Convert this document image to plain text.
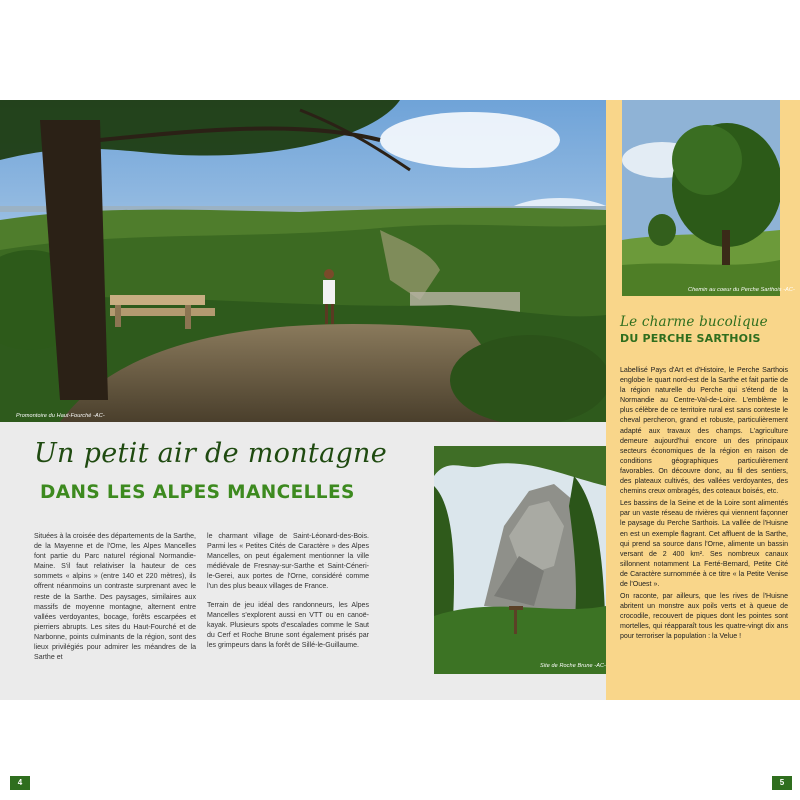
Promontoire du Haut-Fourché -AC-
Un petit air de montagne
DANS LES ALPES MANCELLES

Situées à la croisée des départements de la Sarthe, de la Mayenne et de l'Orne, les Alpes Mancelles font partie du Parc naturel régional Normandie-Maine. S'il faut relativiser la hauteur de ces sommets « alpins » (entre 140 et 220 mètres), ils offrent néanmoins un contraste surprenant avec le reste de la Sarthe. Des paysages, similaires aux massifs de moyenne montagne, alternent entre vallées verdoyantes, bocage, forêts escarpées et pierriers abrupts. Les sites du Haut-Fourché et de Narbonne, points culminants de la région, sont des lieux privilégiés pour admirer les méandres de la Sarthe et

le charmant village de Saint-Léonard-des-Bois. Parmi les « Petites Cités de Caractère » des Alpes Mancelles, on peut également mentionner la ville médiévale de Fresnay-sur-Sarthe et Saint-Céneri-le-Gerei, aux portes de l'Orne, considéré comme l'un des plus beaux villages de France.

Terrain de jeu idéal des randonneurs, les Alpes Mancelles s'explorent aussi en VTT ou en canoë-kayak. Plusieurs spots d'escalades comme le Saut du Cerf et Roche Brune sont également prisés par les grimpeurs dans la forêt de Sillé-le-Guillaume.

Site de Roche Brune -AC-
Chemin au coeur du Perche Sarthois -AC-
Le charme bucolique
DU PERCHE SARTHOIS

Labellisé Pays d'Art et d'Histoire, le Perche Sarthois englobe le quart nord-est de la Sarthe et fait partie de la région naturelle du Perche qui s'étend de la Normandie au Centre-Val-de-Loire. L'emblème le plus célèbre de ce territoire rural est sans conteste le cheval percheron, grand et robuste, particulièrement adapté aux travaux des champs. L'agriculture demeure aujourd'hui encore un des principaux secteurs économiques de la région en raison de conditions géographiques particulièrement favorables. On découvre donc, au fil des sentiers, des plateaux cultivés, des vallées verdoyantes, des chemins creux ombragés, des coteaux boisés, etc.

Les bassins de la Seine et de la Loire sont alimentés par un vaste réseau de rivières qui viennent façonner le paysage du Perche Sarthois. La vallée de l'Huisne en est un exemple flagrant. Cet affluent de la Sarthe, qui prend sa source dans l'Orne, alimente un bassin versant de 2 400 km². Ses nombreux canaux sillonnent notamment La Ferté-Bernard, Petite Cité de Caractère surnommée à ce titre « la Petite Venise de l'Ouest ».

On raconte, par ailleurs, que les rives de l'Huisne abritent un monstre aux poils verts et à queue de crocodile, recouvert de piques dont les pointes sont mortelles, qui réapparaît tous les quatre-vingt dix ans pour terroriser la population : la Velue !

4	5
